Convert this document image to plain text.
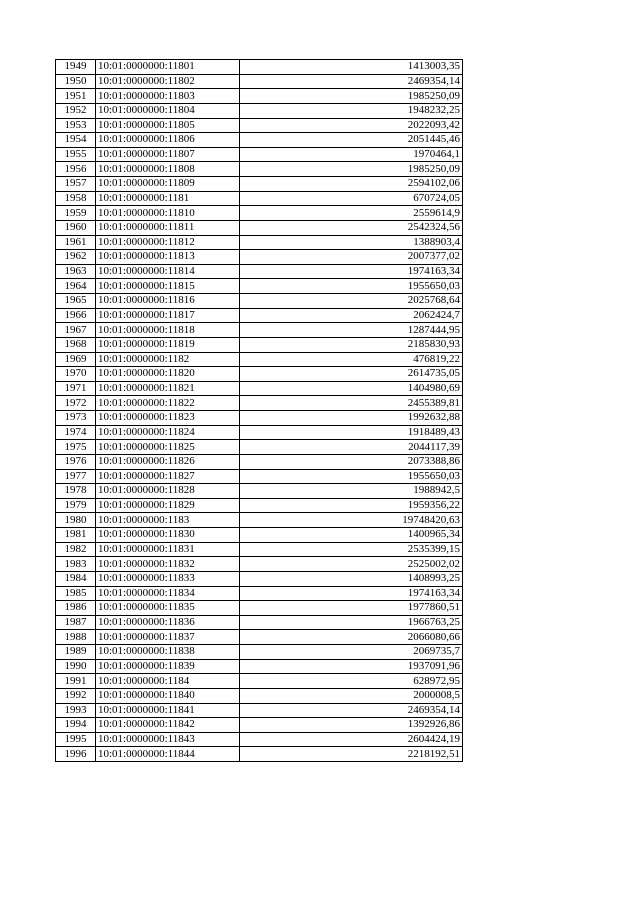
1949	10:01:0000000:11801	1413003,35
1950	10:01:0000000:11802	2469354,14
1951	10:01:0000000:11803	1985250,09
1952	10:01:0000000:11804	1948232,25
1953	10:01:0000000:11805	2022093,42
1954	10:01:0000000:11806	2051445,46
1955	10:01:0000000:11807	1970464,1
1956	10:01:0000000:11808	1985250,09
1957	10:01:0000000:11809	2594102,06
1958	10:01:0000000:1181	670724,05
1959	10:01:0000000:11810	2559614,9
1960	10:01:0000000:11811	2542324,56
1961	10:01:0000000:11812	1388903,4
1962	10:01:0000000:11813	2007377,02
1963	10:01:0000000:11814	1974163,34
1964	10:01:0000000:11815	1955650,03
1965	10:01:0000000:11816	2025768,64
1966	10:01:0000000:11817	2062424,7
1967	10:01:0000000:11818	1287444,95
1968	10:01:0000000:11819	2185830,93
1969	10:01:0000000:1182	476819,22
1970	10:01:0000000:11820	2614735,05
1971	10:01:0000000:11821	1404980,69
1972	10:01:0000000:11822	2455389,81
1973	10:01:0000000:11823	1992632,88
1974	10:01:0000000:11824	1918489,43
1975	10:01:0000000:11825	2044117,39
1976	10:01:0000000:11826	2073388,86
1977	10:01:0000000:11827	1955650,03
1978	10:01:0000000:11828	1988942,5
1979	10:01:0000000:11829	1959356,22
1980	10:01:0000000:1183	19748420,63
1981	10:01:0000000:11830	1400965,34
1982	10:01:0000000:11831	2535399,15
1983	10:01:0000000:11832	2525002,02
1984	10:01:0000000:11833	1408993,25
1985	10:01:0000000:11834	1974163,34
1986	10:01:0000000:11835	1977860,51
1987	10:01:0000000:11836	1966763,25
1988	10:01:0000000:11837	2066080,66
1989	10:01:0000000:11838	2069735,7
1990	10:01:0000000:11839	1937091,96
1991	10:01:0000000:1184	628972,95
1992	10:01:0000000:11840	2000008,5
1993	10:01:0000000:11841	2469354,14
1994	10:01:0000000:11842	1392926,86
1995	10:01:0000000:11843	2604424,19
1996	10:01:0000000:11844	2218192,51
